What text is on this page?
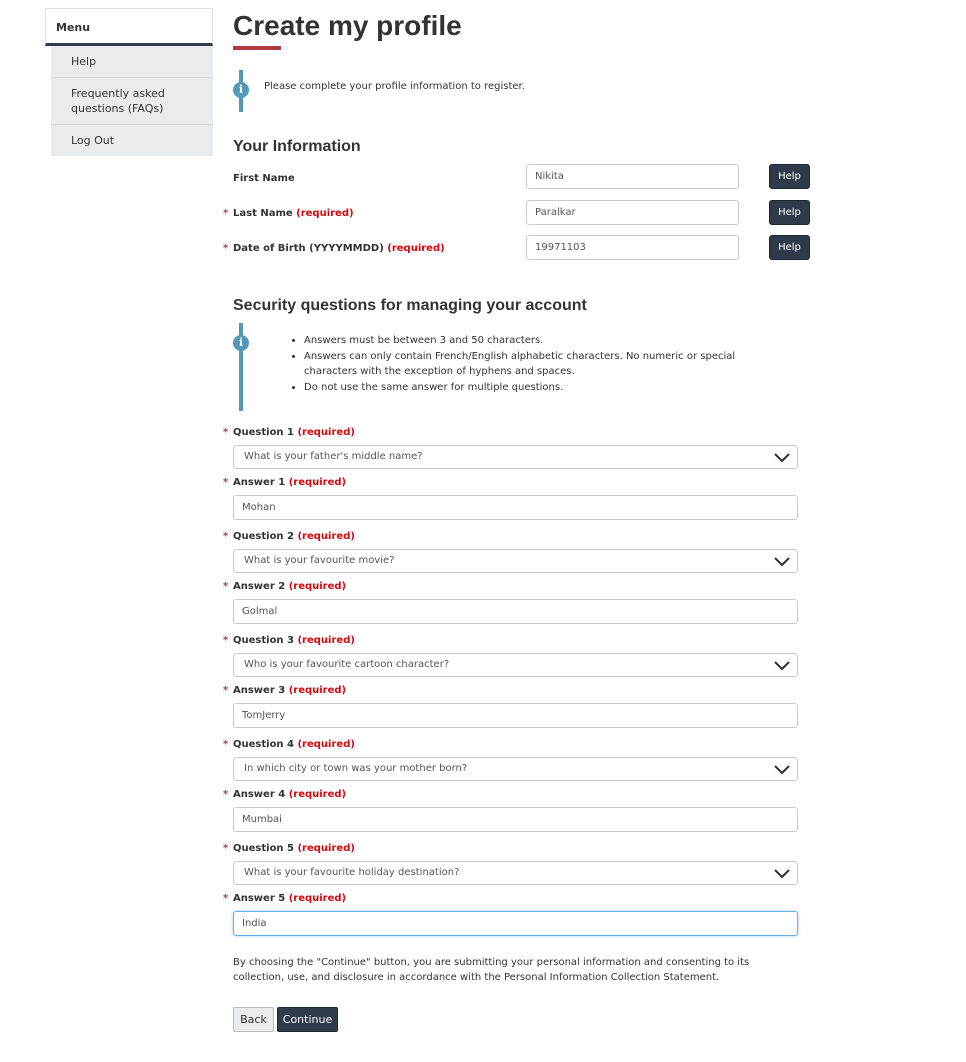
Menu
Help
Frequently asked questions (FAQs)
Log Out
Create my profile
i	Please complete your profile information to register.
Your Information
First Name
Nikita	Help
* Last Name (required)
Paralkar	Help
* Date of Birth (YYYYMMDD) (required)
19971103	Help
Security questions for managing your account
i
•	Answers must be between 3 and 50 characters.
• Answers can only contain French/English alphabetic characters. No numeric or special characters with the exception of hyphens and spaces.
• Do not use the same answer for multiple questions.
* Question 1 (required)
What is your father's middle name?
* Answer 1 (required)
Mohan
* Question 2 (required)
What is your favourite movie?
* Answer 2 (required)
Golmal
* Question 3 (required)
Who is your favourite cartoon character?
* Answer 3 (required)
TomJerry
* Question 4 (required)
In which city or town was your mother born?
* Answer 4 (required)
Mumbai
* Question 5 (required)
What is your favourite holiday destination?
* Answer 5 (required)
India

By choosing the "Continue" button, you are submitting your personal information and consenting to its collection, use, and disclosure in accordance with the Personal Information Collection Statement.

Back	Continue
